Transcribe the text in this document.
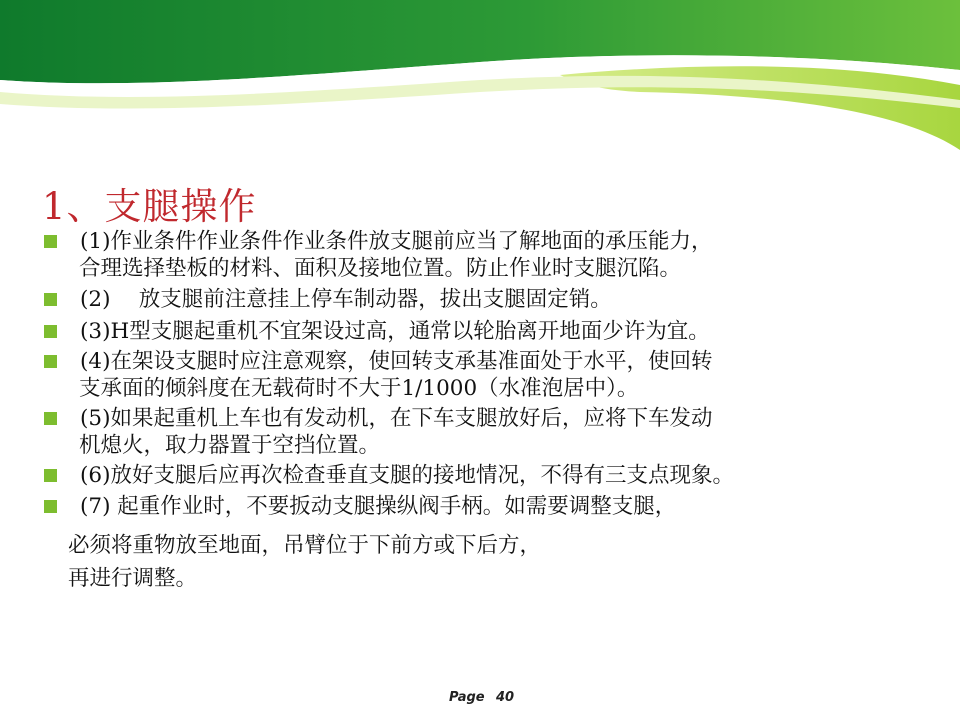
1、支腿操作
(1)作业条件作业条件作业条件放支腿前应当了解地面的承压能力，
合理选择垫板的材料、面积及接地位置。防止作业时支腿沉陷。
(2)　 放支腿前注意挂上停车制动器，拔出支腿固定销。
(3)H型支腿起重机不宜架设过高，通常以轮胎离开地面少许为宜。
(4)在架设支腿时应注意观察，使回转支承基准面处于水平，使回转
支承面的倾斜度在无载荷时不大于1/1000（水准泡居中）。
(5)如果起重机上车也有发动机，在下车支腿放好后，应将下车发动
机熄火，取力器置于空挡位置。
(6)放好支腿后应再次检查垂直支腿的接地情况，不得有三支点现象。
(7) 起重作业时，不要扳动支腿操纵阀手柄。如需要调整支腿，
必须将重物放至地面，吊臂位于下前方或下后方，
再进行调整。
Page 40
